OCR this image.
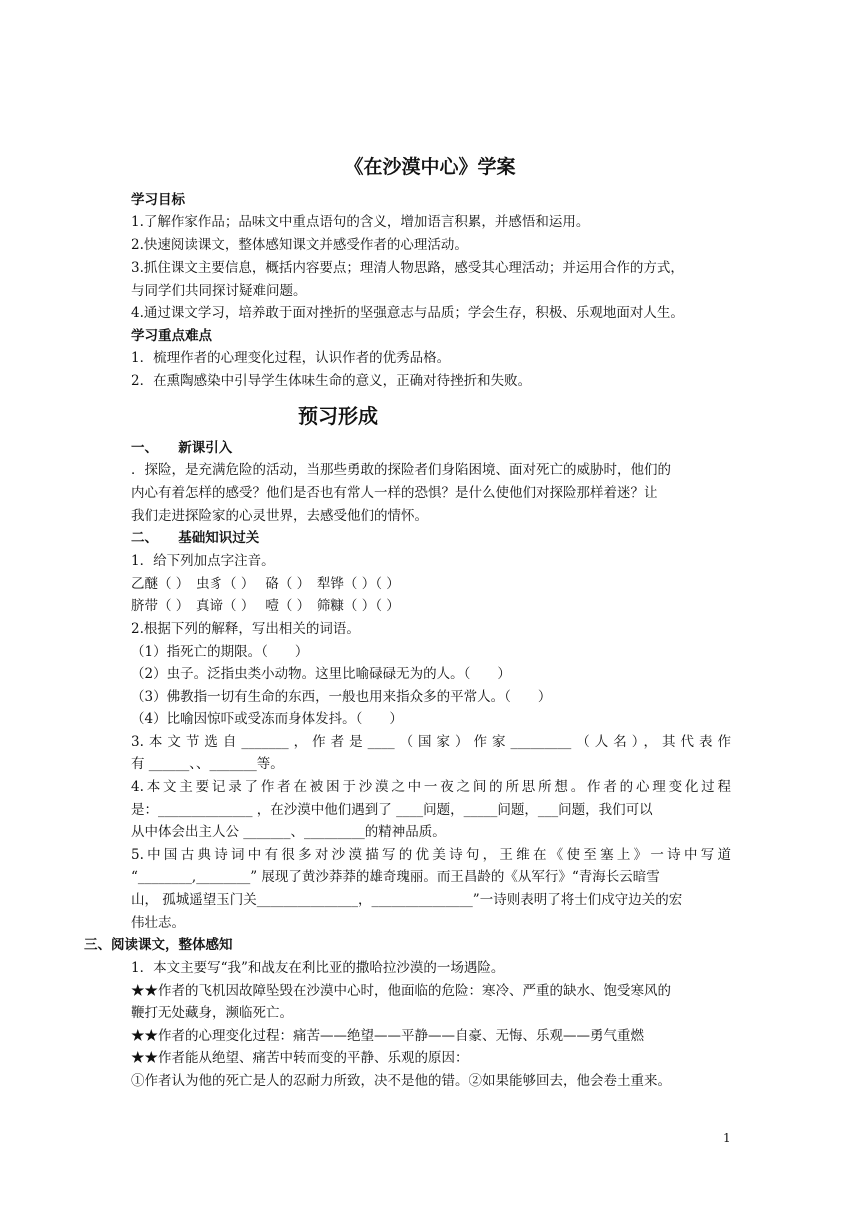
《在沙漠中心》学案
学习目标
1.了解作家作品；品味文中重点语句的含义，增加语言积累，并感悟和运用。
2.快速阅读课文，整体感知课文并感受作者的心理活动。
3.抓住课文主要信息，概括内容要点；理清人物思路，感受其心理活动；并运用合作的方式，
与同学们共同探讨疑难问题。
4.通过课文学习，培养敢于面对挫折的坚强意志与品质；学会生存，积极、乐观地面对人生。
学习重点难点
1．梳理作者的心理变化过程，认识作者的优秀品格。
2．在熏陶感染中引导学生体味生命的意义，正确对待挫折和失败。
预习形成
一、　　新课引入
．探险，是充满危险的活动，当那些勇敢的探险者们身陷困境、面对死亡的威胁时，他们的
内心有着怎样的感受？他们是否也有常人一样的恐惧？是什么使他们对探险那样着迷？让
我们走进探险家的心灵世界，去感受他们的情怀。
二、　　基础知识过关
1．给下列加点字注音。
乙醚（ ）　虫豸（ ）　 硌（ ）　犁铧（ ）（ ）
脐带（ ）　真谛（ ）　 噎（ ）　筛糠（ ）（ ）
2.根据下列的解释，写出相关的词语。
（1）指死亡的期限。（　　）
（2）虫子。泛指虫类小动物。这里比喻碌碌无为的人。（　　）
（3）佛教指一切有生命的东西，一般也用来指众多的平常人。（　　）
（4）比喻因惊吓或受冻而身体发抖。（　　）
3.本文节选自_______，作者是____（国家）作家_________（人名），其代表作
有 ______、、_______等。
4.本文主要记录了作者在被困于沙漠之中一夜之间的所思所想。作者的心理变化过程
是：______________ ，在沙漠中他们遇到了 ____问题，_____问题，___问题，我们可以
从中体会出主人公 _______、_________的精神品质。
5.中国古典诗词中有很多对沙漠描写的优美诗句，王维在《使至塞上》一诗中写道
“________,________” 展现了黄沙莽莽的雄奇瑰丽。而王昌龄的《从军行》“青海长云暗雪
山， 孤城遥望玉门关_______________，_______________”一诗则表明了将士们戍守边关的宏
伟壮志。
三、阅读课文，整体感知
1．本文主要写“我”和战友在利比亚的撒哈拉沙漠的一场遇险。
★★作者的飞机因故障坠毁在沙漠中心时，他面临的危险：寒冷、严重的缺水、饱受寒风的
鞭打无处藏身，濒临死亡。
★★作者的心理变化过程：痛苦——绝望——平静——自豪、无悔、乐观——勇气重燃
★★作者能从绝望、痛苦中转而变的平静、乐观的原因：
①作者认为他的死亡是人的忍耐力所致，决不是他的错。②如果能够回去，他会卷土重来。
1
